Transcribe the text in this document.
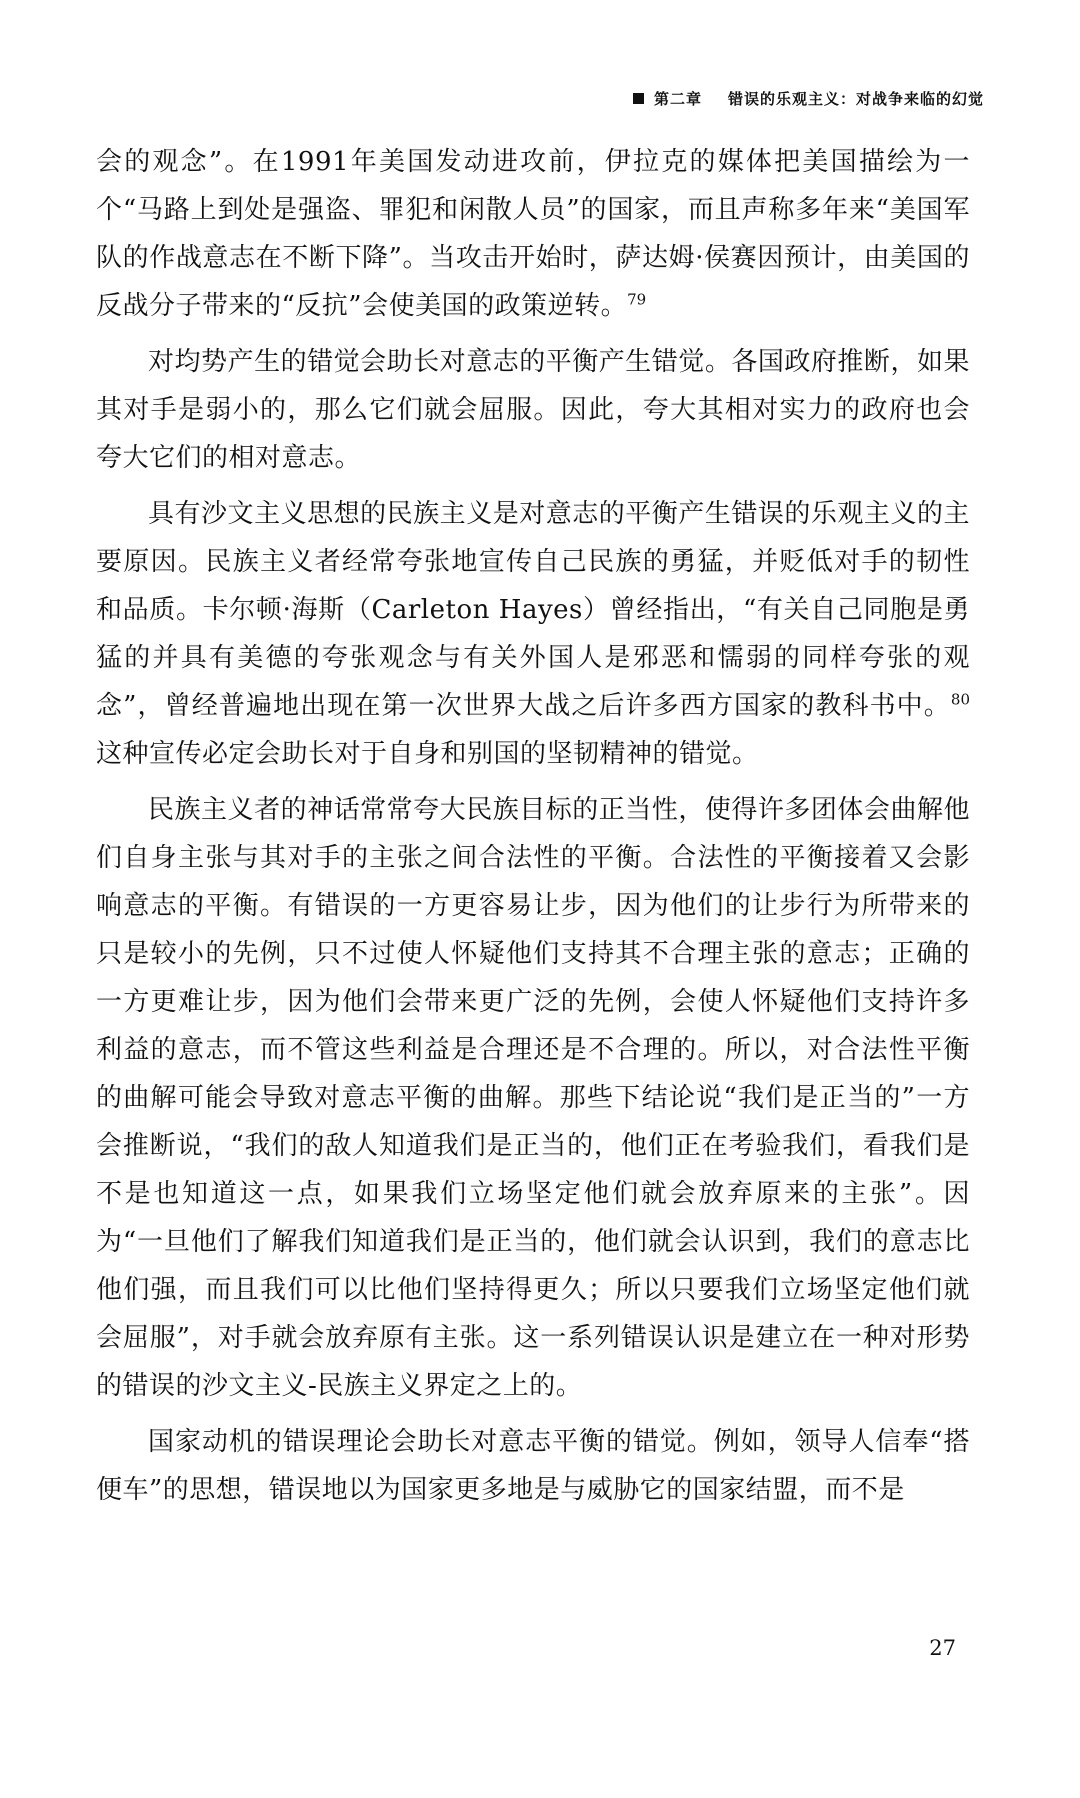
第二章 错误的乐观主义：对战争来临的幻觉

会的观念”。在1991年美国发动进攻前，伊拉克的媒体把美国描绘为一个“马路上到处是强盗、罪犯和闲散人员”的国家，而且声称多年来“美国军队的作战意志在不断下降”。当攻击开始时，萨达姆·侯赛因预计，由美国的反战分子带来的“反抗”会使美国的政策逆转。$^{79}$

对均势产生的错觉会助长对意志的平衡产生错觉。各国政府推断，如果其对手是弱小的，那么它们就会屈服。因此，夸大其相对实力的政府也会夸大它们的相对意志。

具有沙文主义思想的民族主义是对意志的平衡产生错误的乐观主义的主要原因。民族主义者经常夸张地宣传自己民族的勇猛，并贬低对手的韧性和品质。卡尔顿·海斯（Carleton Hayes）曾经指出，“有关自己同胞是勇猛的并具有美德的夸张观念与有关外国人是邪恶和懦弱的同样夸张的观念”，曾经普遍地出现在第一次世界大战之后许多西方国家的教科书中。$^{80}$这种宣传必定会助长对于自身和别国的坚韧精神的错觉。

民族主义者的神话常常夸大民族目标的正当性，使得许多团体会曲解他们自身主张与其对手的主张之间合法性的平衡。合法性的平衡接着又会影响意志的平衡。有错误的一方更容易让步，因为他们的让步行为所带来的只是较小的先例，只不过使人怀疑他们支持其不合理主张的意志；正确的一方更难让步，因为他们会带来更广泛的先例，会使人怀疑他们支持许多利益的意志，而不管这些利益是合理还是不合理的。所以，对合法性平衡的曲解可能会导致对意志平衡的曲解。那些下结论说“我们是正当的”一方会推断说，“我们的敌人知道我们是正当的，他们正在考验我们，看我们是不是也知道这一点，如果我们立场坚定他们就会放弃原来的主张”。因为“一旦他们了解我们知道我们是正当的，他们就会认识到，我们的意志比他们强，而且我们可以比他们坚持得更久；所以只要我们立场坚定他们就会屈服”，对手就会放弃原有主张。这一系列错误认识是建立在一种对形势的错误的沙文主义-民族主义界定之上的。

国家动机的错误理论会助长对意志平衡的错觉。例如，领导人信奉“搭便车”的思想，错误地以为国家更多地是与威胁它的国家结盟，而不是

27
